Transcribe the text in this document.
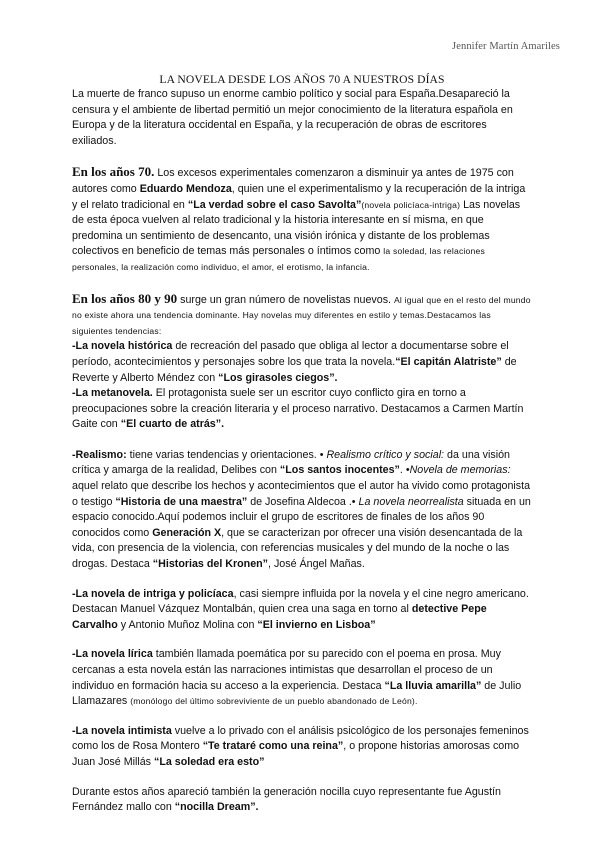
Jennifer Martín Amariles
LA NOVELA DESDE LOS AÑOS 70 A NUESTROS DÍAS

La muerte de franco supuso un enorme cambio político y social para España.Desapareció la censura y el ambiente de libertad permitió un mejor conocimiento de la literatura española en Europa y de la literatura occidental en España, y la recuperación de obras de escritores exiliados.

En los años 70. Los excesos experimentales comenzaron a disminuir ya antes de 1975 con autores como Eduardo Mendoza, quien une el experimentalismo y la recuperación de la intriga y el relato tradicional en “La verdad sobre el caso Savolta”(novela policíaca-intriga) Las novelas de esta época vuelven al relato tradicional y la historia interesante en sí misma, en que predomina un sentimiento de desencanto, una visión irónica y distante de los problemas colectivos en beneficio de temas más personales o íntimos como la soledad, las relaciones personales, la realización como individuo, el amor, el erotismo, la infancia.

En los años 80 y 90 surge un gran número de novelistas nuevos. Al igual que en el resto del mundo no existe ahora una tendencia dominante. Hay novelas muy diferentes en estilo y temas.Destacamos las siguientes tendencias:

-La novela histórica de recreación del pasado que obliga al lector a documentarse sobre el período, acontecimientos y personajes sobre los que trata la novela.“El capitán Alatriste” de Reverte y Alberto Méndez con “Los girasoles ciegos”.

-La metanovela. El protagonista suele ser un escritor cuyo conflicto gira en torno a preocupaciones sobre la creación literaria y el proceso narrativo. Destacamos a Carmen Martín Gaite con “El cuarto de atrás”.

-Realismo: tiene varias tendencias y orientaciones. • Realismo crítico y social: da una visión crítica y amarga de la realidad, Delibes con “Los santos inocentes”. •Novela de memorias: aquel relato que describe los hechos y acontecimientos que el autor ha vivido como protagonista o testigo “Historia de una maestra” de Josefina Aldecoa .• La novela neorrealista situada en un espacio conocido.Aquí podemos incluir el grupo de escritores de finales de los años 90 conocidos como Generación X, que se caracterizan por ofrecer una visión desencantada de la vida, con presencia de la violencia, con referencias musicales y del mundo de la noche o las drogas. Destaca “Historias del Kronen”, José Ángel Mañas.

-La novela de intriga y policíaca, casi siempre influida por la novela y el cine negro americano. Destacan Manuel Vázquez Montalbán, quien crea una saga en torno al detective Pepe Carvalho y Antonio Muñoz Molina con “El invierno en Lisboa”

-La novela lírica también llamada poemática por su parecido con el poema en prosa. Muy cercanas a esta novela están las narraciones intimistas que desarrollan el proceso de un individuo en formación hacia su acceso a la experiencia. Destaca “La lluvia amarilla” de Julio Llamazares (monólogo del último sobreviviente de un pueblo abandonado de León).

-La novela intimista vuelve a lo privado con el análisis psicológico de los personajes femeninos como los de Rosa Montero “Te trataré como una reina”, o propone historias amorosas como Juan José Millás “La soledad era esto”

Durante estos años apareció también la generación nocilla cuyo representante fue Agustín Fernández mallo con “nocilla Dream”.
